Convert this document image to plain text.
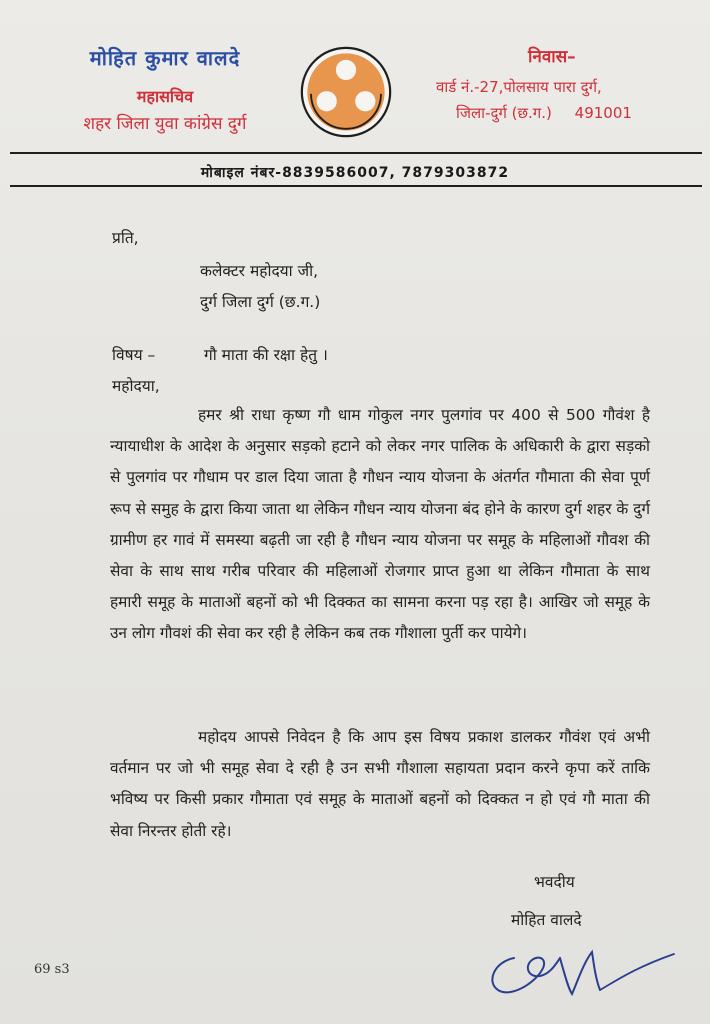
मोहित कुमार वालदे
महासचिव
शहर जिला युवा कांग्रेस दुर्ग
निवास–
वार्ड नं.-27,पोलसाय पारा दुर्ग,
जिला-दुर्ग (छ.ग.) 491001
मोबाइल नंबर-8839586007, 7879303872
प्रति,
कलेक्टर महोदया जी,
दुर्ग जिला दुर्ग (छ.ग.)
विषय –	गौ माता की रक्षा हेतु ।
महोदया,
हमर श्री राधा कृष्ण गौ धाम गोकुल नगर पुलगांव पर 400 से 500 गौवंश है न्यायाधीश के आदेश के अनुसार सड़को हटाने को लेकर नगर पालिक के अधिकारी के द्वारा सड़को से पुलगांव पर गौधाम पर डाल दिया जाता है गौधन न्याय योजना के अंतर्गत गौमाता की सेवा पूर्ण रूप से समुह के द्वारा किया जाता था लेकिन गौधन न्याय योजना बंद होने के कारण दुर्ग शहर के दुर्ग ग्रामीण हर गावं में समस्या बढ़ती जा रही है गौधन न्याय योजना पर समूह के महिलाओं गौवश की सेवा के साथ साथ गरीब परिवार की महिलाओं रोजगार प्राप्त हुआ था लेकिन गौमाता के साथ हमारी समूह के माताओं बहनों को भी दिक्कत का सामना करना पड़ रहा है। आखिर जो समूह के उन लोग गौवशं की सेवा कर रही है लेकिन कब तक गौशाला पुर्ती कर पायेगे।
महोदय आपसे निवेदन है कि आप इस विषय प्रकाश डालकर गौवंश एवं अभी वर्तमान पर जो भी समूह सेवा दे रही है उन सभी गौशाला सहायता प्रदान करने कृपा करें ताकि भविष्य पर किसी प्रकार गौमाता एवं समूह के माताओं बहनों को दिक्कत न हो एवं गौ माता की सेवा निरन्तर होती रहे।
भवदीय
मोहित वालदे
69 s3
